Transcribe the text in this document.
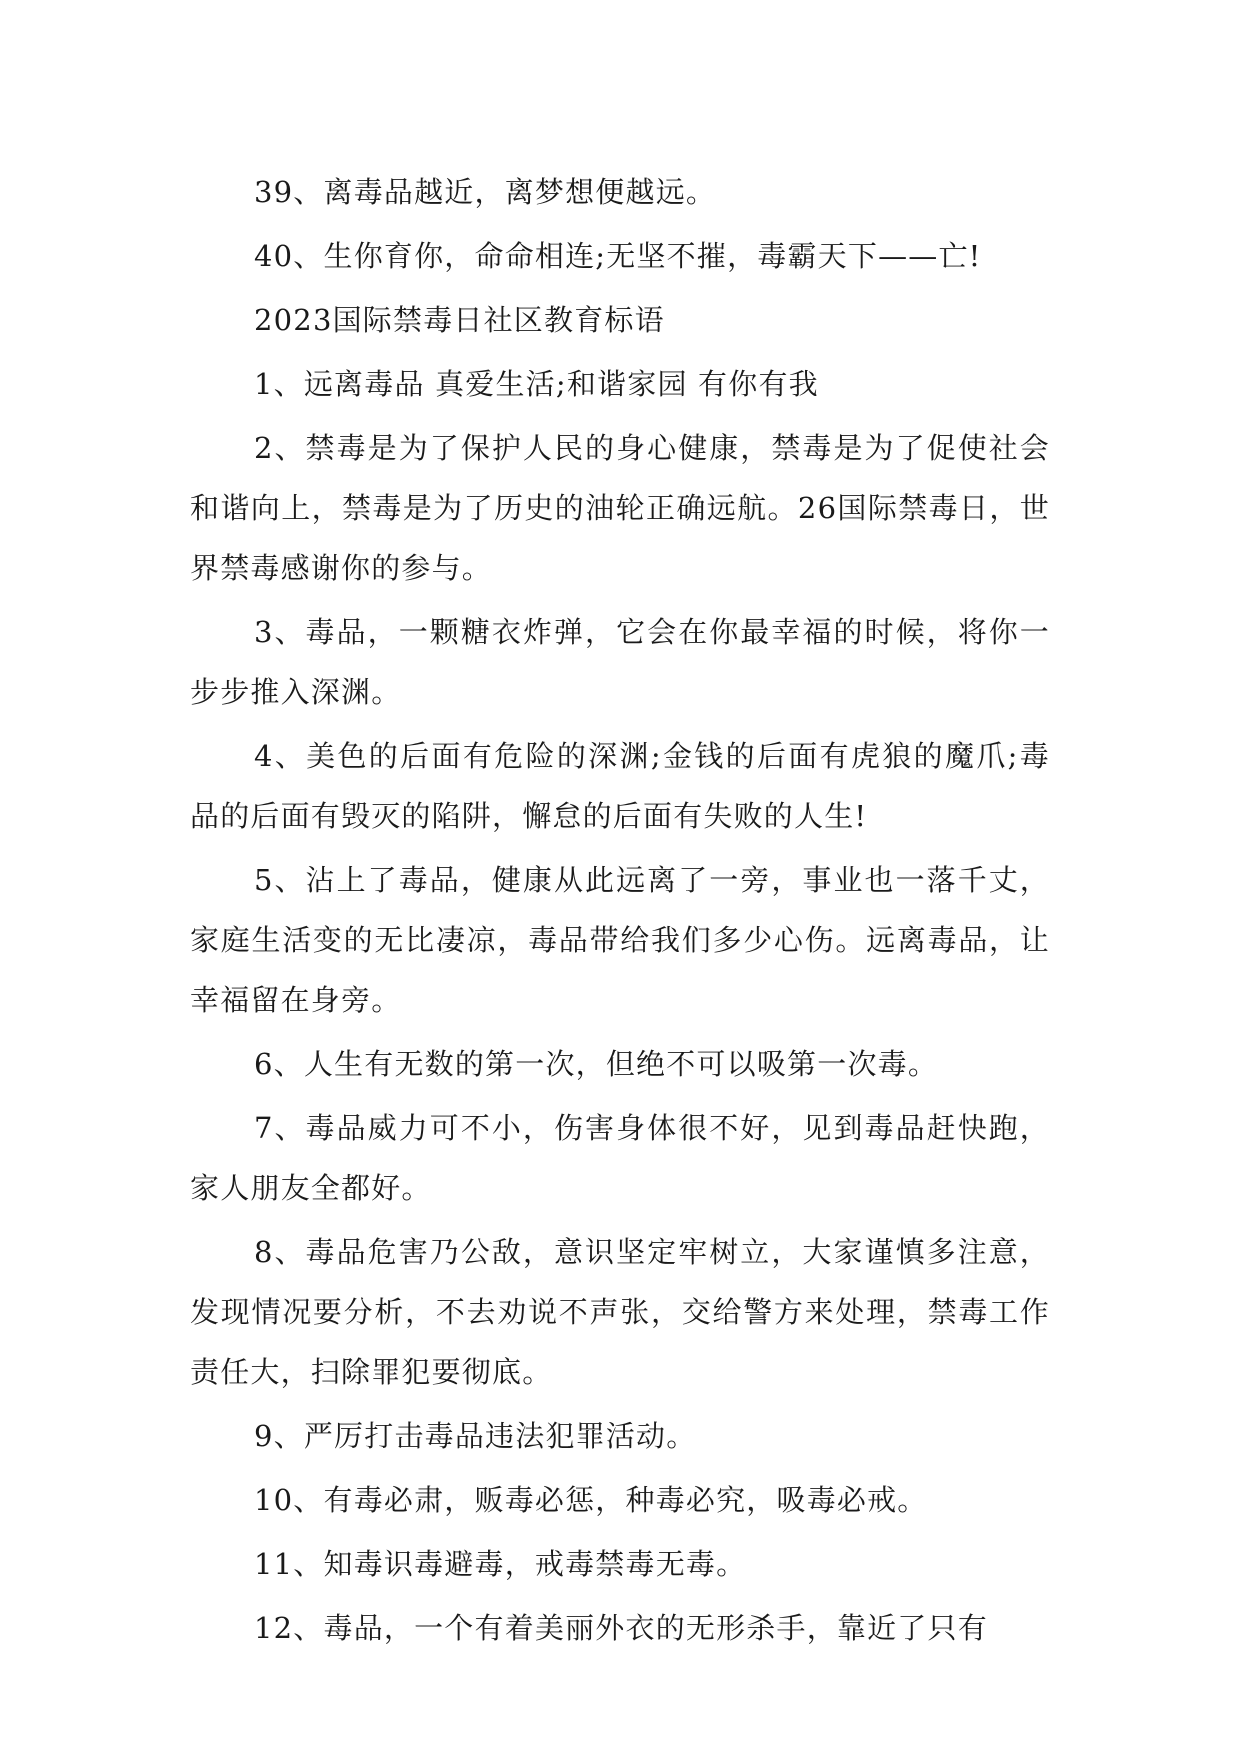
39、离毒品越近，离梦想便越远。

40、生你育你，命命相连;无坚不摧，毒霸天下——亡!

2023国际禁毒日社区教育标语

1、远离毒品 真爱生活;和谐家园 有你有我

2、禁毒是为了保护人民的身心健康，禁毒是为了促使社会和谐向上，禁毒是为了历史的油轮正确远航。26国际禁毒日，世界禁毒感谢你的参与。

3、毒品，一颗糖衣炸弹，它会在你最幸福的时候，将你一步步推入深渊。

4、美色的后面有危险的深渊;金钱的后面有虎狼的魔爪;毒品的后面有毁灭的陷阱，懈怠的后面有失败的人生!

5、沾上了毒品，健康从此远离了一旁，事业也一落千丈，家庭生活变的无比凄凉，毒品带给我们多少心伤。远离毒品，让幸福留在身旁。

6、人生有无数的第一次，但绝不可以吸第一次毒。

7、毒品威力可不小，伤害身体很不好，见到毒品赶快跑，家人朋友全都好。

8、毒品危害乃公敌，意识坚定牢树立，大家谨慎多注意，发现情况要分析，不去劝说不声张，交给警方来处理，禁毒工作责任大，扫除罪犯要彻底。

9、严厉打击毒品违法犯罪活动。

10、有毒必肃，贩毒必惩，种毒必究，吸毒必戒。

11、知毒识毒避毒，戒毒禁毒无毒。

12、毒品，一个有着美丽外衣的无形杀手，靠近了只有
